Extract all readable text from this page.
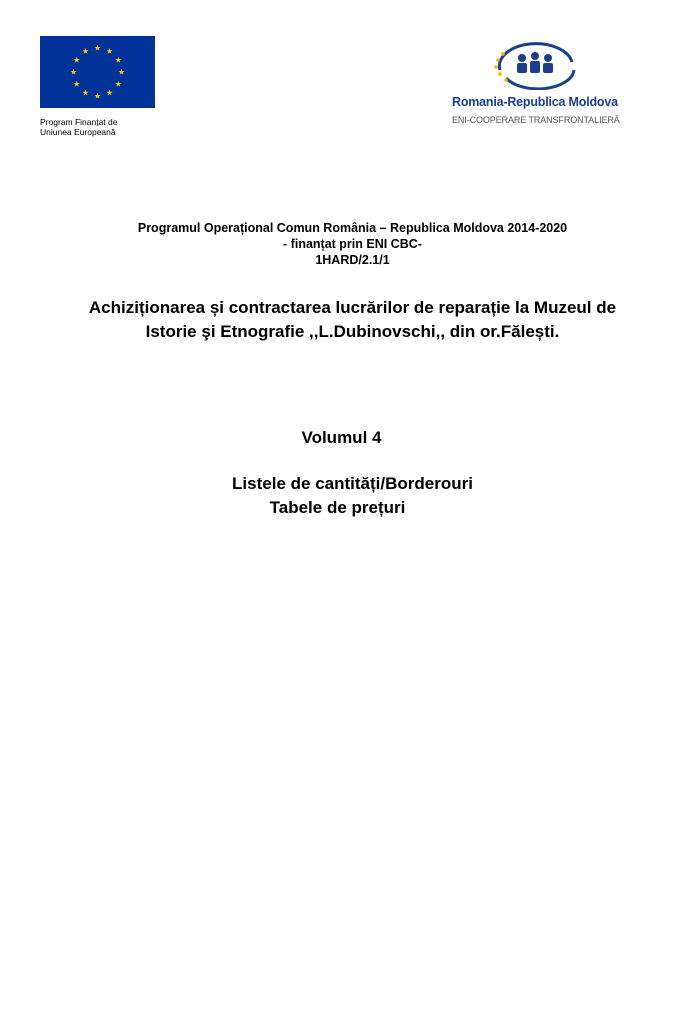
Program Finanțat de
Uniunea Europeană
Romania-Republica Moldova
ENI-COOPERARE TRANSFRONTALIERĂ
Programul Operațional Comun România – Republica Moldova 2014-2020
- finanțat prin ENI CBC-
1HARD/2.1/1
Achiziționarea și contractarea lucrărilor de reparație la Muzeul de
Istorie şi Etnografie ,,L.Dubinovschi,, din or.Fălești.
Volumul 4
Listele de cantități/Borderouri
Tabele de prețuri
